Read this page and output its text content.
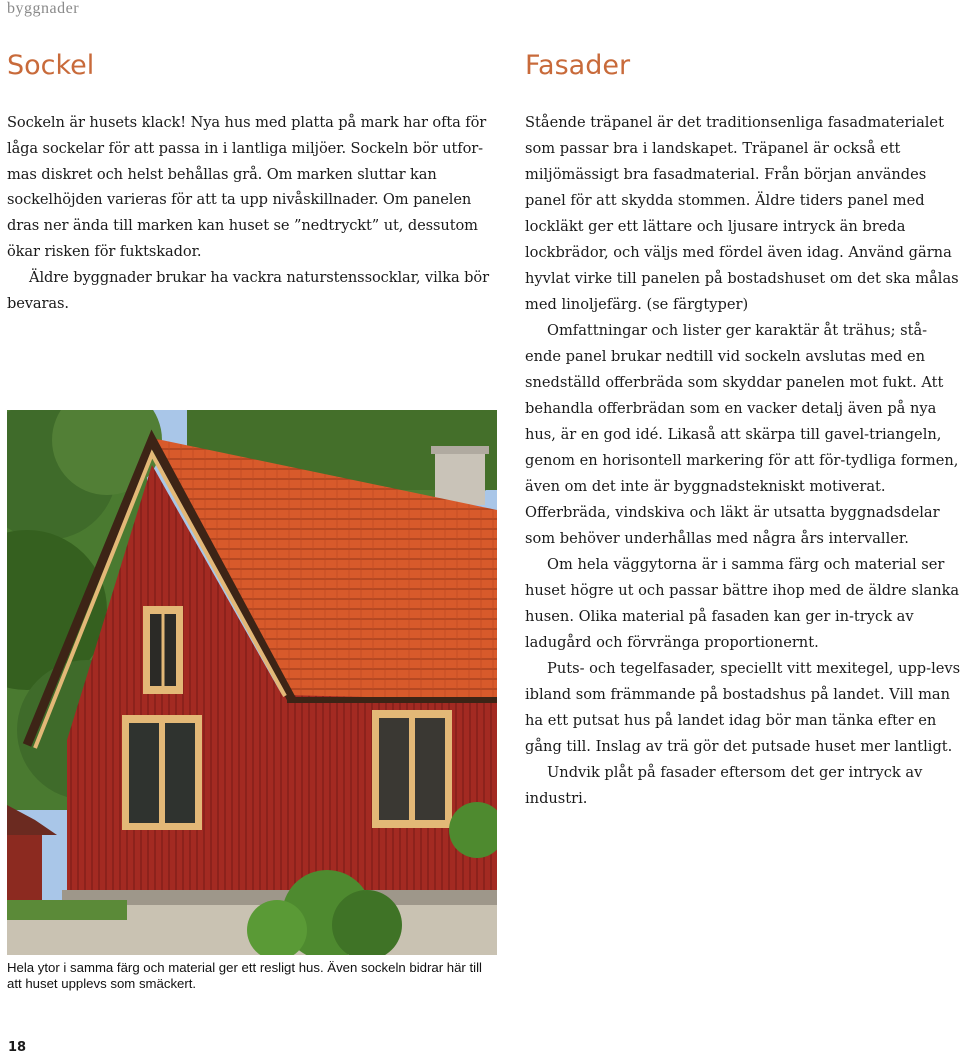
byggnader
Sockel	Fasader

Sockeln är husets klack! Nya hus med platta på mark har ofta för låga sockelar för att passa in i lantliga miljöer. Sockeln bör utfor-mas diskret och helst behållas grå. Om marken sluttar kan sockelhöjden varieras för att ta upp nivåskillnader. Om panelen dras ner ända till marken kan huset se ”nedtryckt” ut, dessutom ökar risken för fuktskador.

Äldre byggnader brukar ha vackra naturstenssocklar, vilka bör bevaras.

Stående träpanel är det traditionsenliga fasadmaterialet som passar bra i landskapet. Träpanel är också ett miljömässigt bra fasadmaterial. Från början användes panel för att skydda stommen. Äldre tiders panel med lockläkt ger ett lättare och ljusare intryck än breda lockbrädor, och väljs med fördel även idag. Använd gärna hyvlat virke till panelen på bostadshuset om det ska målas med linoljefärg. (se färgtyper)

Omfattningar och lister ger karaktär åt trähus; stå-ende panel brukar nedtill vid sockeln avslutas med en snedställd offerbräda som skyddar panelen mot fukt. Att behandla offerbrädan som en vacker detalj även på nya hus, är en god idé. Likaså att skärpa till gavel-triangeln, genom en horisontell markering för att för-tydliga formen, även om det inte är byggnadstekniskt motiverat. Offerbräda, vindskiva och läkt är utsatta byggnadsdelar som behöver underhållas med några års intervaller.

Om hela väggytorna är i samma färg och material ser huset högre ut och passar bättre ihop med de äldre slanka husen. Olika material på fasaden kan ger in-tryck av ladugård och förvränga proportionernt.

Puts- och tegelfasader, speciellt vitt mexitegel, upp-levs ibland som främmande på bostadshus på landet. Vill man ha ett putsat hus på landet idag bör man tänka efter en gång till. Inslag av trä gör det putsade huset mer lantligt.

Undvik plåt på fasader eftersom det ger intryck av industri.

Hela ytor i samma färg och material ger ett resligt hus. Även sockeln bidrar här till att huset upplevs som smäckert.
18
